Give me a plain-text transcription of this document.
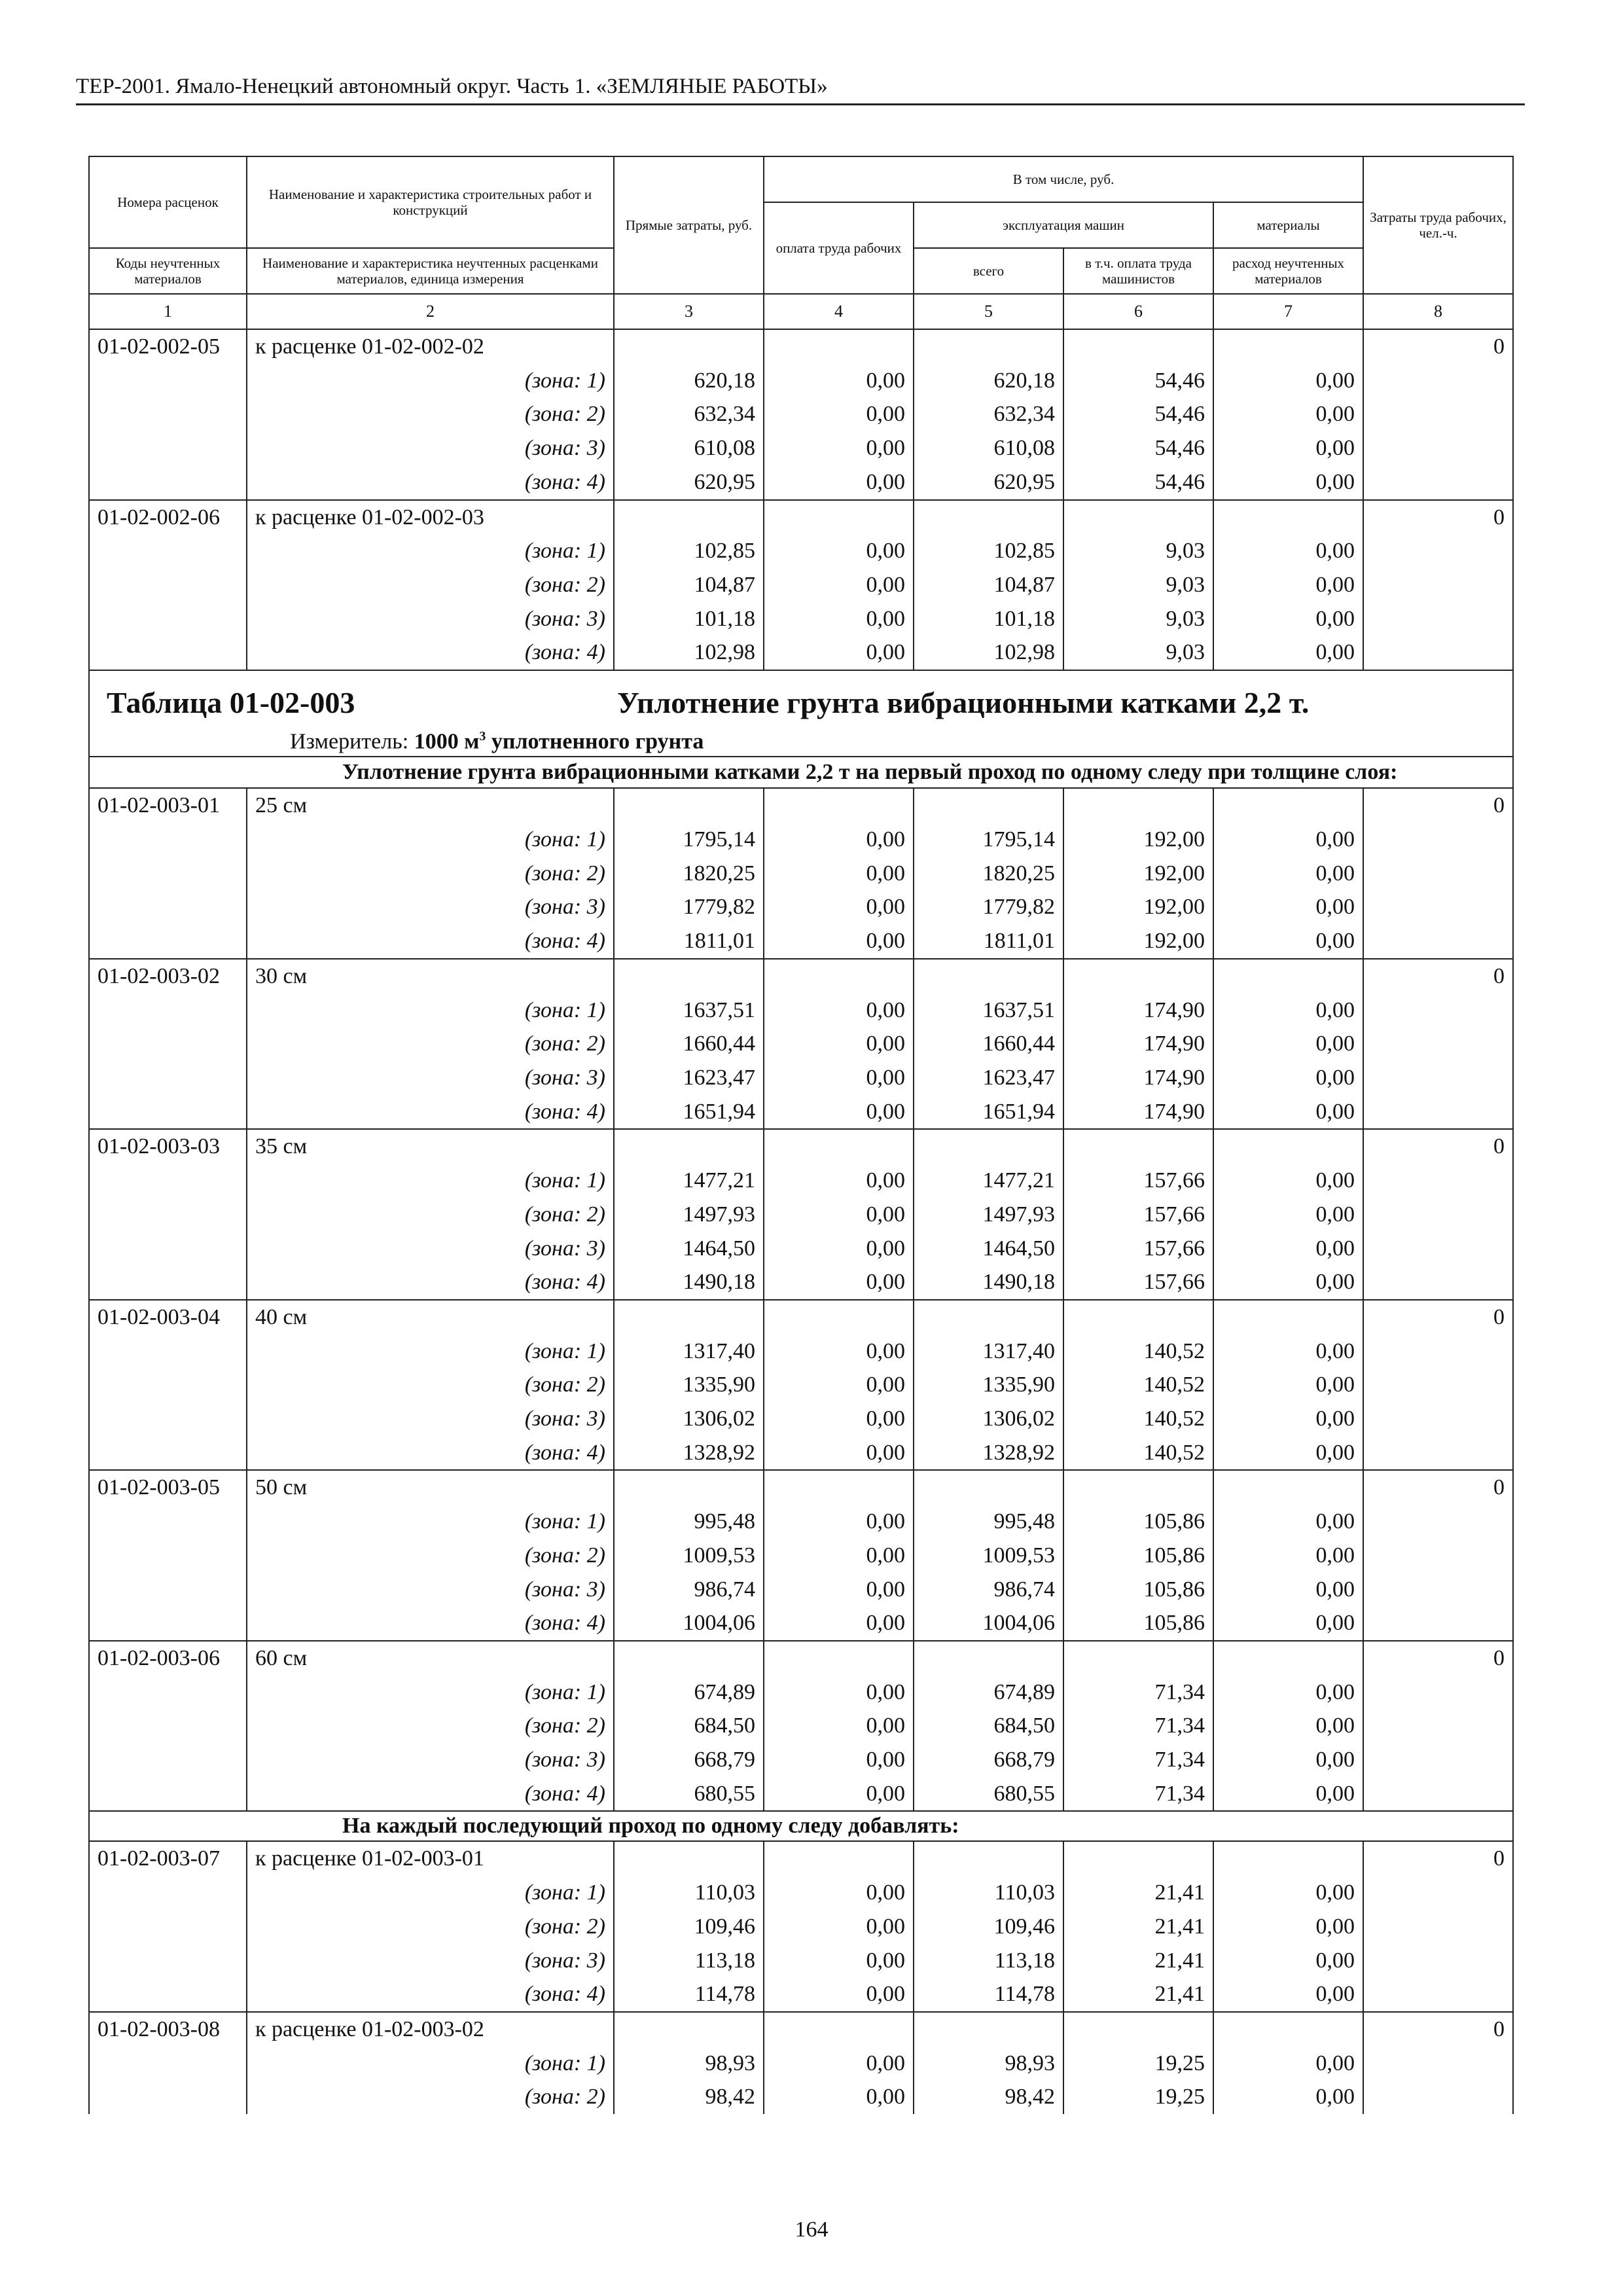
ТЕР-2001. Ямало-Ненецкий автономный округ. Часть 1. «ЗЕМЛЯНЫЕ РАБОТЫ»
Номера расценок	Наименование и характеристика строительных работ и конструкций	Прямые затраты, руб.	В том числе, руб.				Затраты труда рабочих, чел.-ч.
			оплата труда рабочих	эксплуатация машин		материалы	
Коды неучтенных материалов	Наименование и характеристика неучтенных расценками материалов, единица измерения			всего	в т.ч. оплата труда машинистов	расход неучтенных материалов	
1	2	3	4	5	6	7	8
01-02-002-05	к расценке 01-02-002-02						0
	(зона: 1)	620,18	0,00	620,18	54,46	0,00	
	(зона: 2)	632,34	0,00	632,34	54,46	0,00	
	(зона: 3)	610,08	0,00	610,08	54,46	0,00	
	(зона: 4)	620,95	0,00	620,95	54,46	0,00	
01-02-002-06	к расценке 01-02-002-03						0
	(зона: 1)	102,85	0,00	102,85	9,03	0,00	
	(зона: 2)	104,87	0,00	104,87	9,03	0,00	
	(зона: 3)	101,18	0,00	101,18	9,03	0,00	
	(зона: 4)	102,98	0,00	102,98	9,03	0,00	

Таблица 01-02-003 Уплотнение грунта вибрационными катками 2,2 т.							

Измеритель: 1000 $м^3$ уплотненного грунта							

Уплотнение грунта вибрационными катками 2,2 т на первый проход по одному следу при толщине слоя:							
01-02-003-01	25 см						0
	(зона: 1)	1795,14	0,00	1795,14	192,00	0,00	
	(зона: 2)	1820,25	0,00	1820,25	192,00	0,00	
	(зона: 3)	1779,82	0,00	1779,82	192,00	0,00	
	(зона: 4)	1811,01	0,00	1811,01	192,00	0,00	
01-02-003-02	30 см						0
	(зона: 1)	1637,51	0,00	1637,51	174,90	0,00	
	(зона: 2)	1660,44	0,00	1660,44	174,90	0,00	
	(зона: 3)	1623,47	0,00	1623,47	174,90	0,00	
	(зона: 4)	1651,94	0,00	1651,94	174,90	0,00	
01-02-003-03	35 см						0
	(зона: 1)	1477,21	0,00	1477,21	157,66	0,00	
	(зона: 2)	1497,93	0,00	1497,93	157,66	0,00	
	(зона: 3)	1464,50	0,00	1464,50	157,66	0,00	
	(зона: 4)	1490,18	0,00	1490,18	157,66	0,00	
01-02-003-04	40 см						0
	(зона: 1)	1317,40	0,00	1317,40	140,52	0,00	
	(зона: 2)	1335,90	0,00	1335,90	140,52	0,00	
	(зона: 3)	1306,02	0,00	1306,02	140,52	0,00	
	(зона: 4)	1328,92	0,00	1328,92	140,52	0,00	
01-02-003-05	50 см						0
	(зона: 1)	995,48	0,00	995,48	105,86	0,00	
	(зона: 2)	1009,53	0,00	1009,53	105,86	0,00	
	(зона: 3)	986,74	0,00	986,74	105,86	0,00	
	(зона: 4)	1004,06	0,00	1004,06	105,86	0,00	
01-02-003-06	60 см						0
	(зона: 1)	674,89	0,00	674,89	71,34	0,00	
	(зона: 2)	684,50	0,00	684,50	71,34	0,00	
	(зона: 3)	668,79	0,00	668,79	71,34	0,00	
	(зона: 4)	680,55	0,00	680,55	71,34	0,00	
На каждый последующий проход по одному следу добавлять:							
01-02-003-07	к расценке 01-02-003-01						0
	(зона: 1)	110,03	0,00	110,03	21,41	0,00	
	(зона: 2)	109,46	0,00	109,46	21,41	0,00	
	(зона: 3)	113,18	0,00	113,18	21,41	0,00	
	(зона: 4)	114,78	0,00	114,78	21,41	0,00	
01-02-003-08	к расценке 01-02-003-02						0
	(зона: 1)	98,93	0,00	98,93	19,25	0,00	
	(зона: 2)	98,42	0,00	98,42	19,25	0,00	
164
